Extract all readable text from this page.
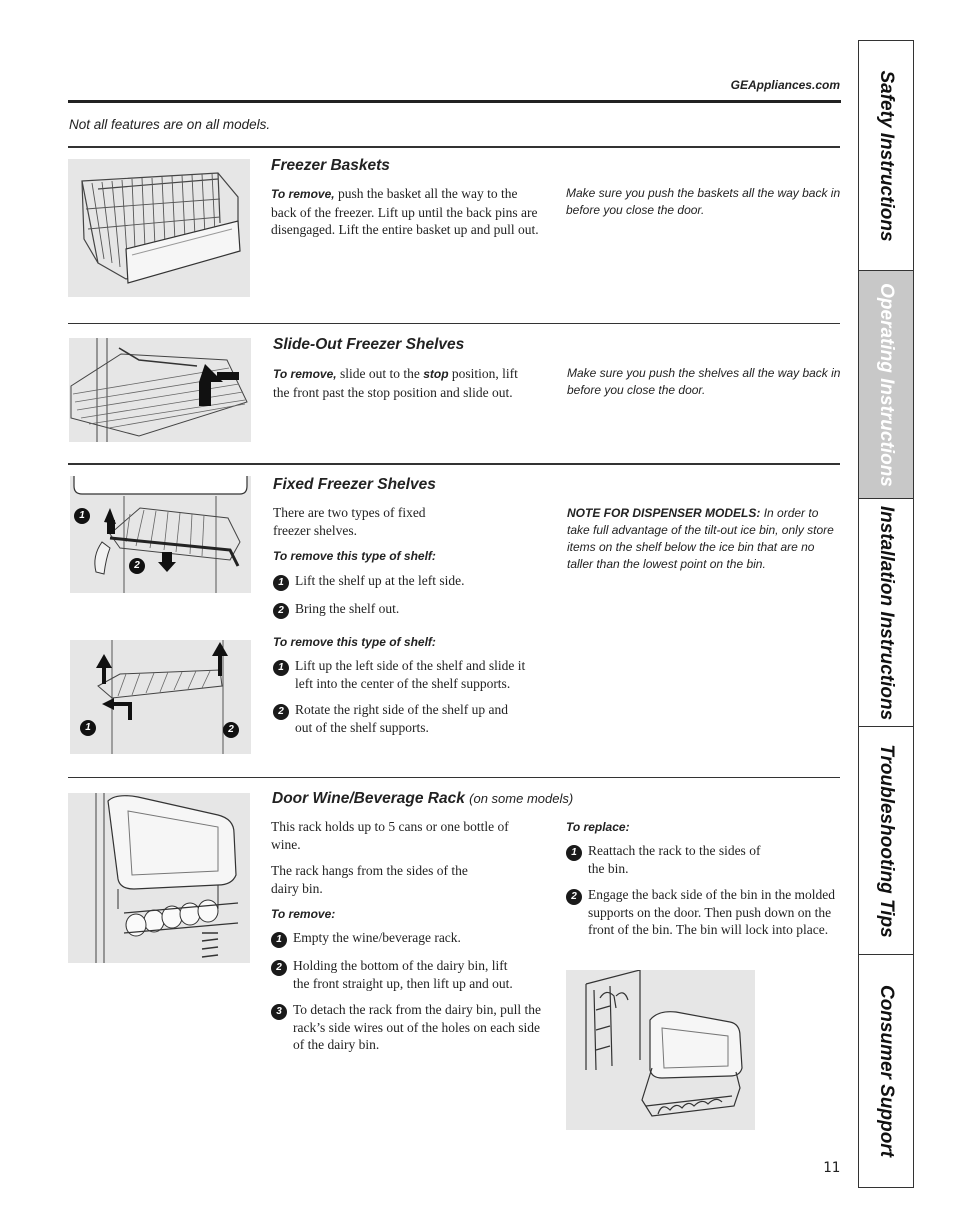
GEAppliances.com
Not all features are on all models.
Freezer Baskets
To remove, push the basket all the way to the back of the freezer. Lift up until the back pins are disengaged. Lift the entire basket up and pull out.
Make sure you push the baskets all the way back in before you close the door.
Slide-Out Freezer Shelves
To remove, slide out to the stop position, lift the front past the stop position and slide out.
Make sure you push the shelves all the way back in before you close the door.
1
2
1	2
Fixed Freezer Shelves
There are two types of fixed freezer shelves.
To remove this type of shelf:
1 Lift the shelf up at the left side.
2 Bring the shelf out.
To remove this type of shelf:
1 Lift up the left side of the shelf and slide it left into the center of the shelf supports.
2 Rotate the right side of the shelf up and out of the shelf supports.
NOTE FOR DISPENSER MODELS: In order to take full advantage of the tilt-out ice bin, only store items on the shelf below the ice bin that are no taller than the lowest point on the bin.
Door Wine/Beverage Rack (on some models)
This rack holds up to 5 cans or one bottle of wine.
The rack hangs from the sides of the dairy bin.
To remove:
1 Empty the wine/beverage rack.
2 Holding the bottom of the dairy bin, lift the front straight up, then lift up and out.
3 To detach the rack from the dairy bin, pull the rack’s side wires out of the holes on each side of the dairy bin.
To replace:
1 Reattach the rack to the sides of the bin.
2 Engage the back side of the bin in the molded supports on the door. Then push down on the front of the bin. The bin will lock into place.
11
Safety Instructions
Operating Instructions
Installation Instructions
Troubleshooting Tips
Consumer Support
